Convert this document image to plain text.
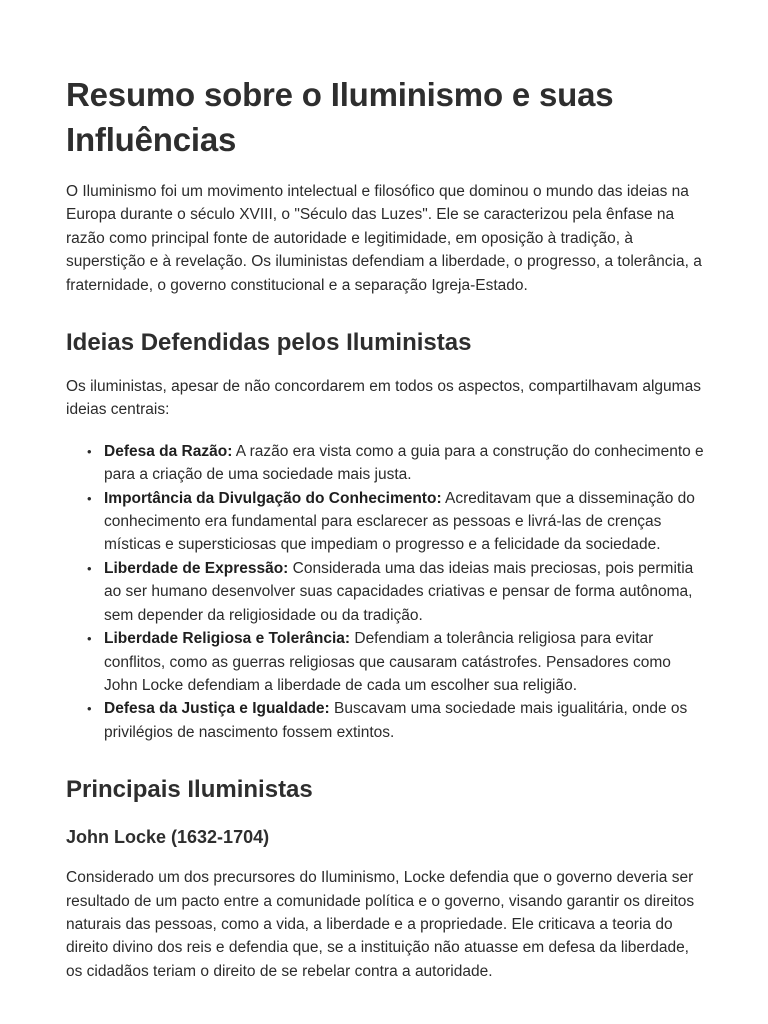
Resumo sobre o Iluminismo e suas Influências

O Iluminismo foi um movimento intelectual e filosófico que dominou o mundo das ideias na Europa durante o século XVIII, o "Século das Luzes". Ele se caracterizou pela ênfase na razão como principal fonte de autoridade e legitimidade, em oposição à tradição, à superstição e à revelação. Os iluministas defendiam a liberdade, o progresso, a tolerância, a fraternidade, o governo constitucional e a separação Igreja-Estado.

Ideias Defendidas pelos Iluministas

Os iluministas, apesar de não concordarem em todos os aspectos, compartilhavam algumas ideias centrais:

• Defesa da Razão: A razão era vista como a guia para a construção do conhecimento e para a criação de uma sociedade mais justa.
• Importância da Divulgação do Conhecimento: Acreditavam que a disseminação do conhecimento era fundamental para esclarecer as pessoas e livrá-las de crenças místicas e supersticiosas que impediam o progresso e a felicidade da sociedade.
• Liberdade de Expressão: Considerada uma das ideias mais preciosas, pois permitia ao ser humano desenvolver suas capacidades criativas e pensar de forma autônoma, sem depender da religiosidade ou da tradição.
• Liberdade Religiosa e Tolerância: Defendiam a tolerância religiosa para evitar conflitos, como as guerras religiosas que causaram catástrofes. Pensadores como John Locke defendiam a liberdade de cada um escolher sua religião.
• Defesa da Justiça e Igualdade: Buscavam uma sociedade mais igualitária, onde os privilégios de nascimento fossem extintos.
Principais Iluministas
John Locke (1632-1704)

Considerado um dos precursores do Iluminismo, Locke defendia que o governo deveria ser resultado de um pacto entre a comunidade política e o governo, visando garantir os direitos naturais das pessoas, como a vida, a liberdade e a propriedade. Ele criticava a teoria do direito divino dos reis e defendia que, se a instituição não atuasse em defesa da liberdade, os cidadãos teriam o direito de se rebelar contra a autoridade.
